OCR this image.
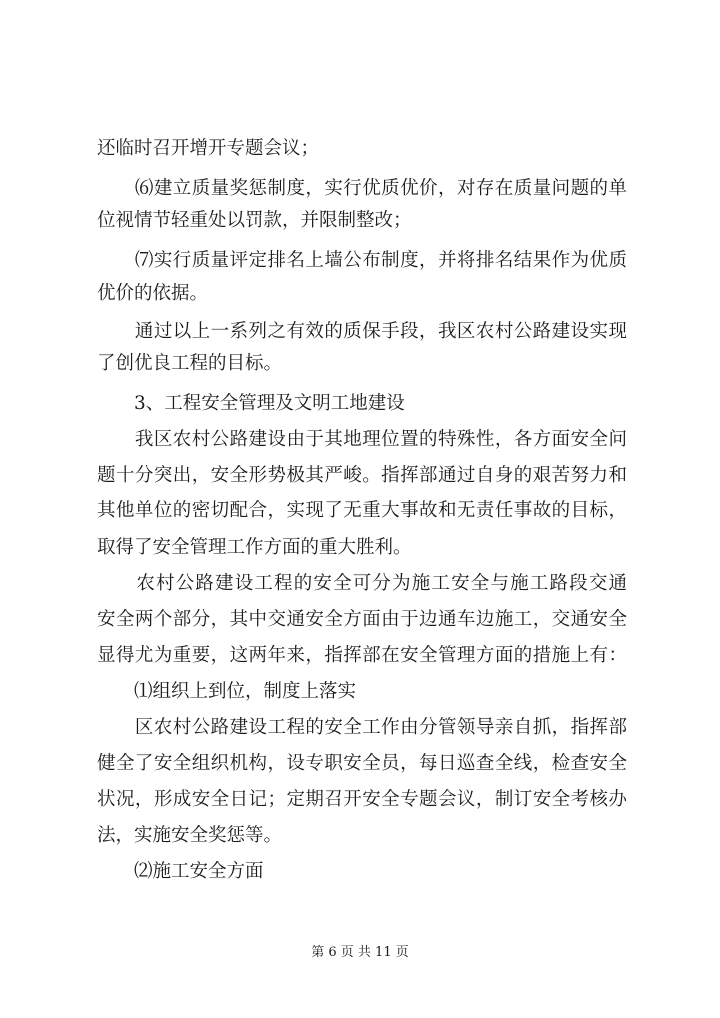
还临时召开增开专题会议；
　　⑹建立质量奖惩制度，实行优质优价，对存在质量问题的单
位视情节轻重处以罚款，并限制整改；
　　⑺实行质量评定排名上墙公布制度，并将排名结果作为优质
优价的依据。
　　通过以上一系列之有效的质保手段，我区农村公路建设实现
了创优良工程的目标。
　　3、工程安全管理及文明工地建设
　　我区农村公路建设由于其地理位置的特殊性，各方面安全问
题十分突出，安全形势极其严峻。指挥部通过自身的艰苦努力和
其他单位的密切配合，实现了无重大事故和无责任事故的目标，
取得了安全管理工作方面的重大胜利。
　　农村公路建设工程的安全可分为施工安全与施工路段交通
安全两个部分，其中交通安全方面由于边通车边施工，交通安全
显得尤为重要，这两年来，指挥部在安全管理方面的措施上有：
　　⑴组织上到位，制度上落实
　　区农村公路建设工程的安全工作由分管领导亲自抓，指挥部
健全了安全组织机构，设专职安全员，每日巡查全线，检查安全
状况，形成安全日记；定期召开安全专题会议，制订安全考核办
法，实施安全奖惩等。
　　⑵施工安全方面
第 6 页 共 11 页
